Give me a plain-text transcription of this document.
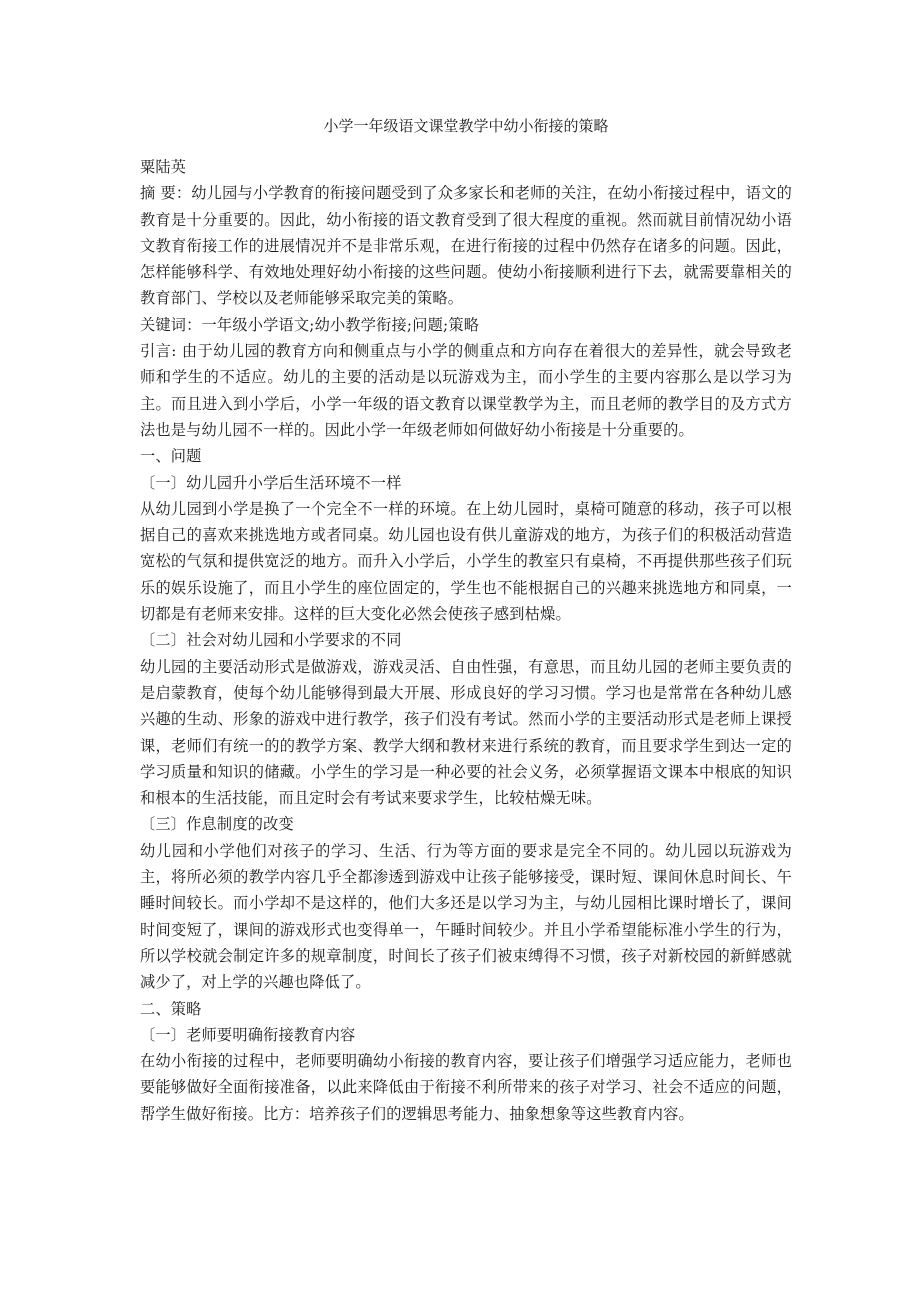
小学一年级语文课堂教学中幼小衔接的策略

粟陆英

摘 要：幼儿园与小学教育的衔接问题受到了众多家长和老师的关注，在幼小衔接过程中，语文的教育是十分重要的。因此，幼小衔接的语文教育受到了很大程度的重视。然而就目前情况幼小语文教育衔接工作的进展情况并不是非常乐观，在进行衔接的过程中仍然存在诸多的问题。因此，怎样能够科学、有效地处理好幼小衔接的这些问题。使幼小衔接顺利进行下去，就需要靠相关的教育部门、学校以及老师能够采取完美的策略。

关键词：一年级小学语文;幼小教学衔接;问题;策略

引言: 由于幼儿园的教育方向和侧重点与小学的侧重点和方向存在着很大的差异性，就会导致老师和学生的不适应。幼儿的主要的活动是以玩游戏为主，而小学生的主要内容那么是以学习为主。而且进入到小学后，小学一年级的语文教育以课堂教学为主，而且老师的教学目的及方式方法也是与幼儿园不一样的。因此小学一年级老师如何做好幼小衔接是十分重要的。

一、问题

〔一〕幼儿园升小学后生活环境不一样

从幼儿园到小学是换了一个完全不一样的环境。在上幼儿园时，桌椅可随意的移动，孩子可以根据自己的喜欢来挑选地方或者同桌。幼儿园也设有供儿童游戏的地方，为孩子们的积极活动营造宽松的气氛和提供宽泛的地方。而升入小学后，小学生的教室只有桌椅，不再提供那些孩子们玩乐的娱乐设施了，而且小学生的座位固定的，学生也不能根据自己的兴趣来挑选地方和同桌，一切都是有老师来安排。这样的巨大变化必然会使孩子感到枯燥。

〔二〕社会对幼儿园和小学要求的不同

幼儿园的主要活动形式是做游戏，游戏灵活、自由性强，有意思，而且幼儿园的老师主要负责的是启蒙教育，使每个幼儿能够得到最大开展、形成良好的学习习惯。学习也是常常在各种幼儿感兴趣的生动、形象的游戏中进行教学，孩子们没有考试。然而小学的主要活动形式是老师上课授课，老师们有统一的的教学方案、教学大纲和教材来进行系统的教育，而且要求学生到达一定的学习质量和知识的储藏。小学生的学习是一种必要的社会义务，必须掌握语文课本中根底的知识和根本的生活技能，而且定时会有考试来要求学生，比较枯燥无味。

〔三〕作息制度的改变

幼儿园和小学他们对孩子的学习、生活、行为等方面的要求是完全不同的。幼儿园以玩游戏为主，将所必须的教学内容几乎全都渗透到游戏中让孩子能够接受，课时短、课间休息时间长、午睡时间较长。而小学却不是这样的，他们大多还是以学习为主，与幼儿园相比课时增长了，课间时间变短了，课间的游戏形式也变得单一，午睡时间较少。并且小学希望能标准小学生的行为，所以学校就会制定许多的规章制度，时间长了孩子们被束缚得不习惯，孩子对新校园的新鲜感就减少了，对上学的兴趣也降低了。

二、策略

〔一〕老师要明确衔接教育内容

在幼小衔接的过程中，老师要明确幼小衔接的教育内容，要让孩子们增强学习适应能力，老师也要能够做好全面衔接准备，以此来降低由于衔接不利所带来的孩子对学习、社会不适应的问题，帮学生做好衔接。比方：培养孩子们的逻辑思考能力、抽象想象等这些教育内容。
